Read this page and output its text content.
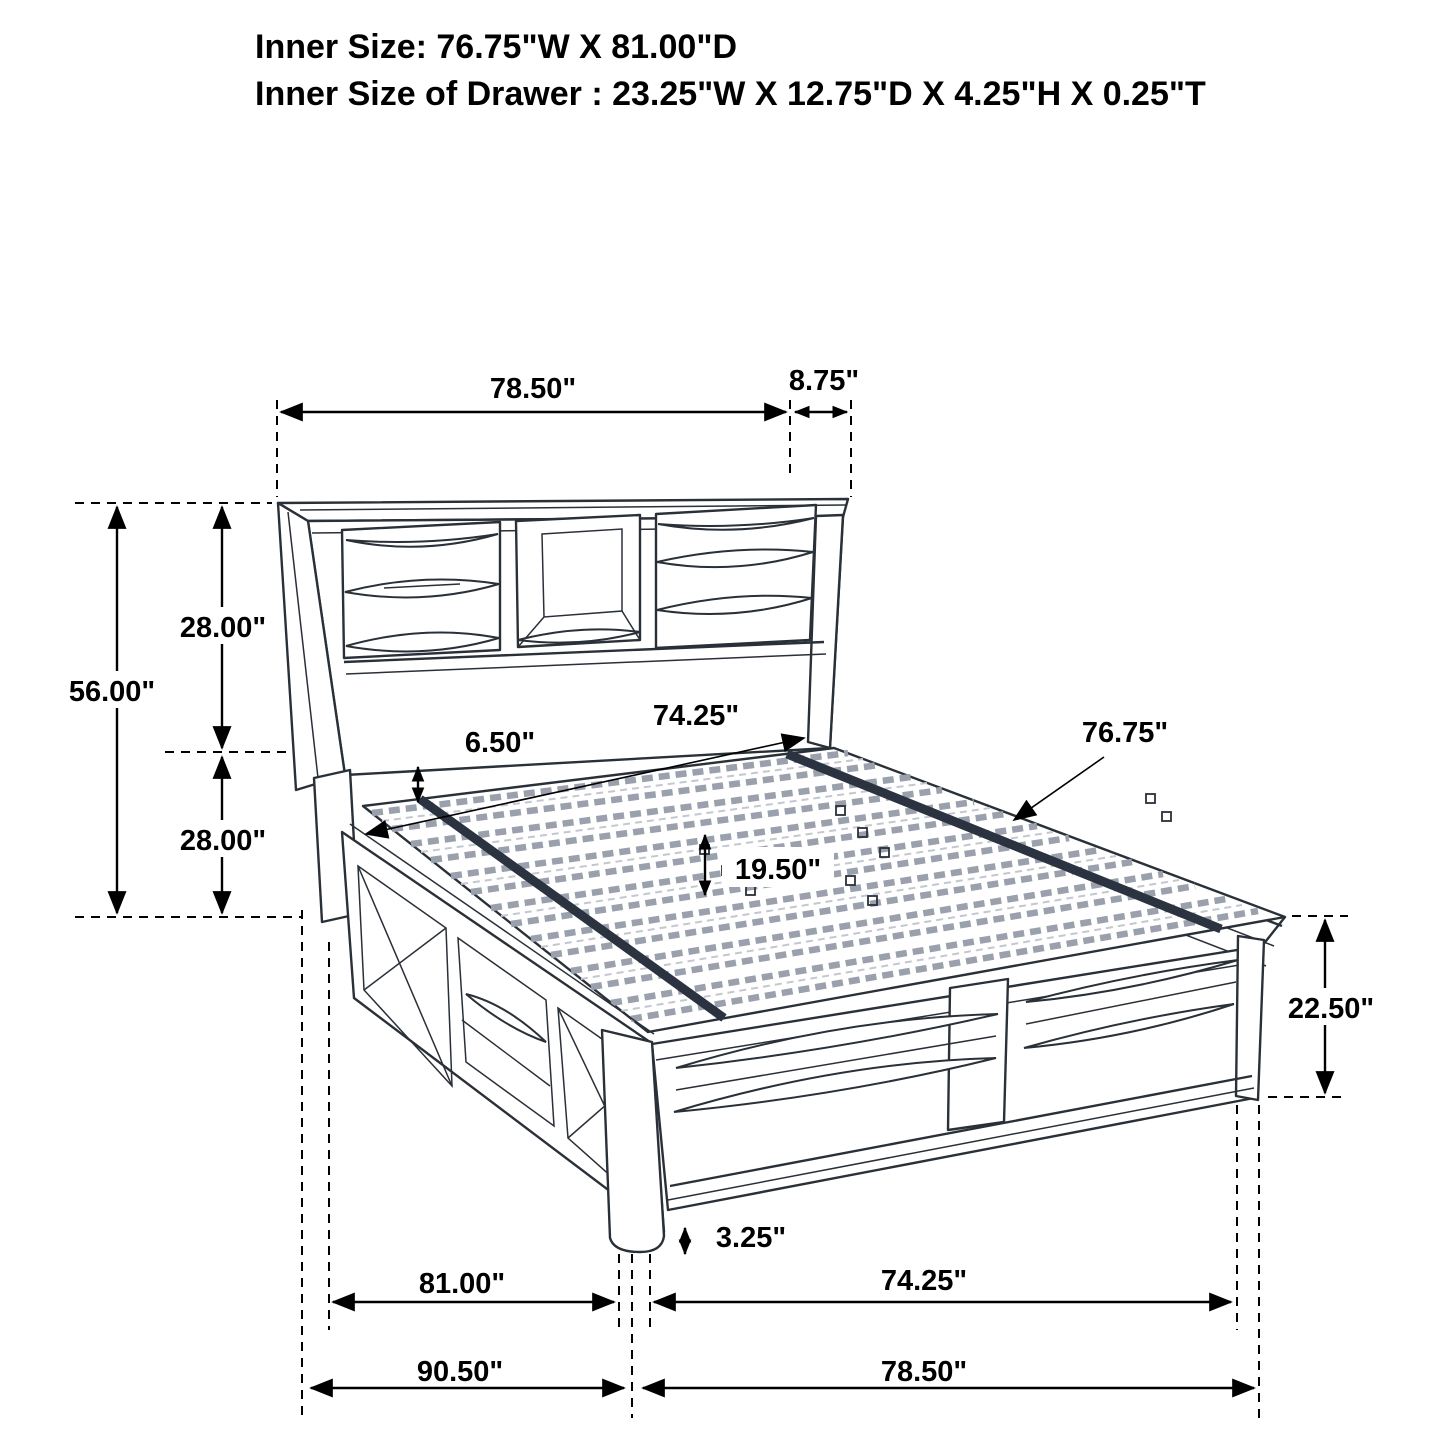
Inner Size: 76.75"W X 81.00"D
Inner Size of Drawer : 23.25"W X 12.75"D X 4.25"H X 0.25"T
78.50"	8.75"
56.00"
28.00"
28.00"
74.25"
6.50"	76.75"
19.50"
22.50"
3.25"
81.00"	74.25"
90.50"	78.50"
